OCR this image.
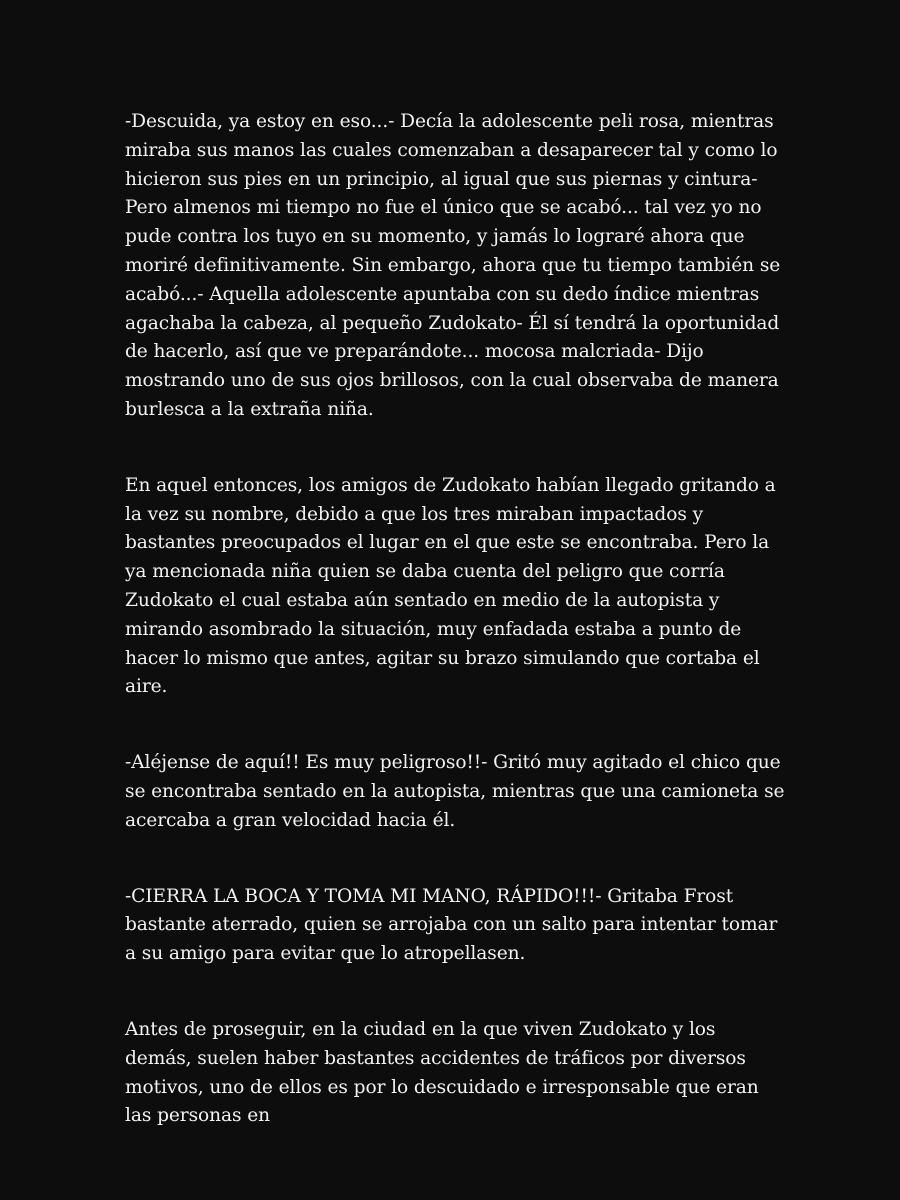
-Descuida, ya estoy en eso...- Decía la adolescente peli rosa, mientras miraba sus manos las cuales comenzaban a desaparecer tal y como lo hicieron sus pies en un principio, al igual que sus piernas y cintura- Pero almenos mi tiempo no fue el único que se acabó... tal vez yo no pude contra los tuyo en su momento, y jamás lo lograré ahora que moriré definitivamente. Sin embargo, ahora que tu tiempo también se acabó...- Aquella adolescente apuntaba con su dedo índice mientras agachaba la cabeza, al pequeño Zudokato- Él sí tendrá la oportunidad de hacerlo, así que ve preparándote... mocosa malcriada- Dijo mostrando uno de sus ojos brillosos, con la cual observaba de manera burlesca a la extraña niña.

En aquel entonces, los amigos de Zudokato habían llegado gritando a la vez su nombre, debido a que los tres miraban impactados y bastantes preocupados el lugar en el que este se encontraba. Pero la ya mencionada niña quien se daba cuenta del peligro que corría Zudokato el cual estaba aún sentado en medio de la autopista y mirando asombrado la situación, muy enfadada estaba a punto de hacer lo mismo que antes, agitar su brazo simulando que cortaba el aire.

-Aléjense de aquí!! Es muy peligroso!!- Gritó muy agitado el chico que se encontraba sentado en la autopista, mientras que una camioneta se acercaba a gran velocidad hacia él.

-CIERRA LA BOCA Y TOMA MI MANO, RÁPIDO!!!- Gritaba Frost bastante aterrado, quien se arrojaba con un salto para intentar tomar a su amigo para evitar que lo atropellasen.

Antes de proseguir, en la ciudad en la que viven Zudokato y los demás, suelen haber bastantes accidentes de tráficos por diversos motivos, uno de ellos es por lo descuidado e irresponsable que eran las personas en
